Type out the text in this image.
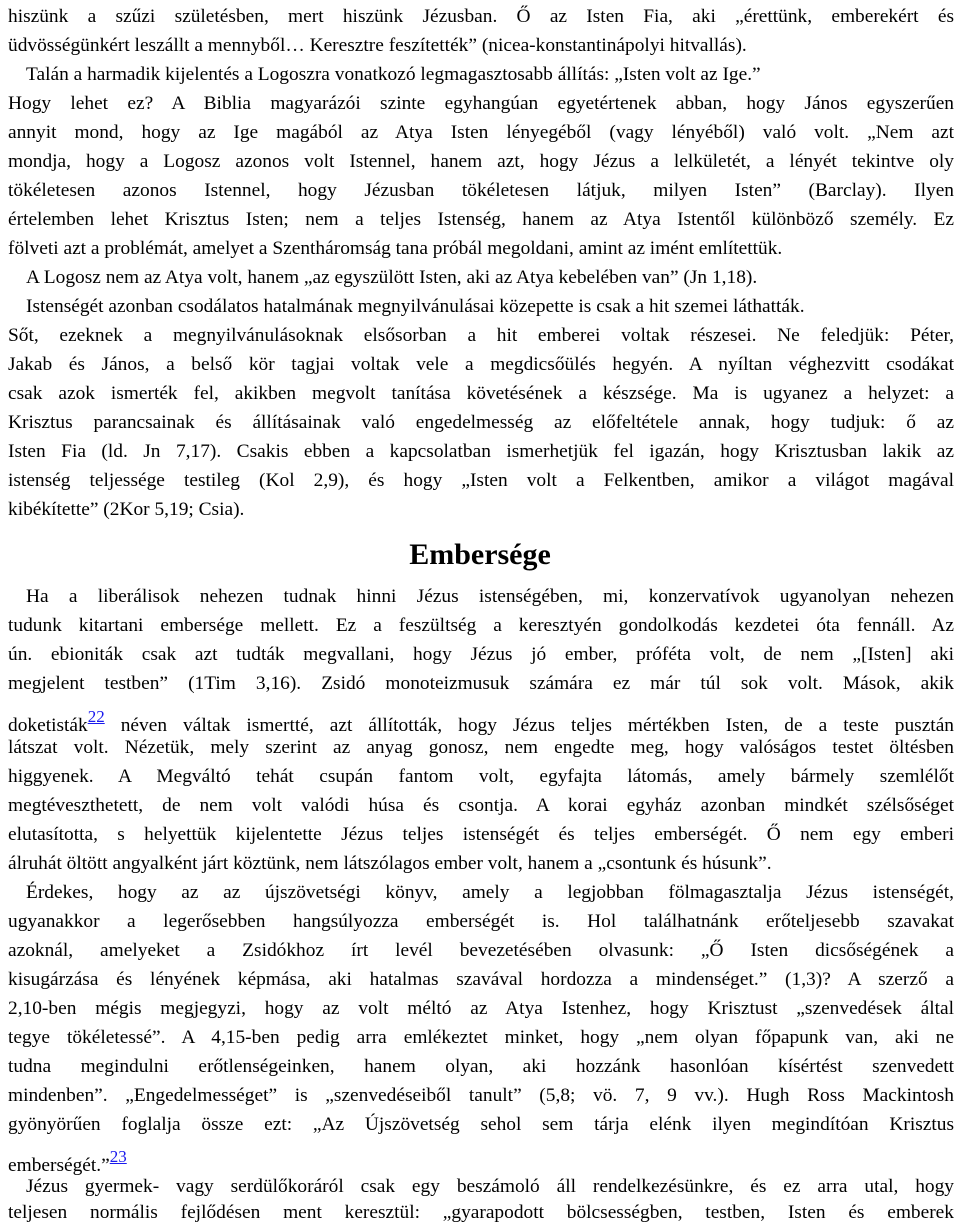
hiszünk a szűzi születésben, mert hiszünk Jézusban. Ő az Isten Fia, aki „érettünk, emberekért és
üdvösségünkért leszállt a mennyből… Keresztre feszítették” (nicea-konstantinápolyi hitvallás).
Talán a harmadik kijelentés a Logoszra vonatkozó legmagasztosabb állítás: „Isten volt az Ige.”
Hogy lehet ez? A Biblia magyarázói szinte egyhangúan egyetértenek abban, hogy János egyszerűen
annyit mond, hogy az Ige magából az Atya Isten lényegéből (vagy lényéből) való volt. „Nem azt
mondja, hogy a Logosz azonos volt Istennel, hanem azt, hogy Jézus a lelkületét, a lényét tekintve oly
tökéletesen azonos Istennel, hogy Jézusban tökéletesen látjuk, milyen Isten” (Barclay). Ilyen
értelemben lehet Krisztus Isten; nem a teljes Istenség, hanem az Atya Istentől különböző személy. Ez
fölveti azt a problémát, amelyet a Szentháromság tana próbál megoldani, amint az imént említettük.
A Logosz nem az Atya volt, hanem „az egyszülött Isten, aki az Atya kebelében van” (Jn 1,18).
Istenségét azonban csodálatos hatalmának megnyilvánulásai közepette is csak a hit szemei láthatták.
Sőt, ezeknek a megnyilvánulásoknak elsősorban a hit emberei voltak részesei. Ne feledjük: Péter,
Jakab és János, a belső kör tagjai voltak vele a megdicsőülés hegyén. A nyíltan véghezvitt csodákat
csak azok ismerték fel, akikben megvolt tanítása követésének a készsége. Ma is ugyanez a helyzet: a
Krisztus parancsainak és állításainak való engedelmesség az előfeltétele annak, hogy tudjuk: ő az
Isten Fia (ld. Jn 7,17). Csakis ebben a kapcsolatban ismerhetjük fel igazán, hogy Krisztusban lakik az
istenség teljessége testileg (Kol 2,9), és hogy „Isten volt a Felkentben, amikor a világot magával
kibékítette” (2Kor 5,19; Csia).
Embersége
Ha a liberálisok nehezen tudnak hinni Jézus istenségében, mi, konzervatívok ugyanolyan nehezen
tudunk kitartani embersége mellett. Ez a feszültség a keresztyén gondolkodás kezdetei óta fennáll. Az
ún. ebioniták csak azt tudták megvallani, hogy Jézus jó ember, próféta volt, de nem „[Isten] aki
megjelent testben” (1Tim 3,16). Zsidó monoteizmusuk számára ez már túl sok volt. Mások, akik
doketisták22 néven váltak ismertté, azt állították, hogy Jézus teljes mértékben Isten, de a teste pusztán
látszat volt. Nézetük, mely szerint az anyag gonosz, nem engedte meg, hogy valóságos testet öltésben
higgyenek. A Megváltó tehát csupán fantom volt, egyfajta látomás, amely bármely szemlélőt
megtéveszthetett, de nem volt valódi húsa és csontja. A korai egyház azonban mindkét szélsőséget
elutasította, s helyettük kijelentette Jézus teljes istenségét és teljes emberségét. Ő nem egy emberi
álruhát öltött angyalként járt köztünk, nem látszólagos ember volt, hanem a „csontunk és húsunk”.
Érdekes, hogy az az újszövetségi könyv, amely a legjobban fölmagasztalja Jézus istenségét,
ugyanakkor a legerősebben hangsúlyozza emberségét is. Hol találhatnánk erőteljesebb szavakat
azoknál, amelyeket a Zsidókhoz írt levél bevezetésében olvasunk: „Ő Isten dicsőségének a
kisugárzása és lényének képmása, aki hatalmas szavával hordozza a mindenséget.” (1,3)? A szerző a
2,10-ben mégis megjegyzi, hogy az volt méltó az Atya Istenhez, hogy Krisztust „szenvedések által
tegye tökéletessé”. A 4,15-ben pedig arra emlékeztet minket, hogy „nem olyan főpapunk van, aki ne
tudna megindulni erőtlenségeinken, hanem olyan, aki hozzánk hasonlóan kísértést szenvedett
mindenben”. „Engedelmességet” is „szenvedéseiből tanult” (5,8; vö. 7, 9 vv.). Hugh Ross Mackintosh
gyönyörűen foglalja össze ezt: „Az Újszövetség sehol sem tárja elénk ilyen megindítóan Krisztus
emberségét.”23
Jézus gyermek- vagy serdülőkoráról csak egy beszámoló áll rendelkezésünkre, és ez arra utal, hogy
teljesen normális fejlődésen ment keresztül: „gyarapodott bölcsességben, testben, Isten és emberek
